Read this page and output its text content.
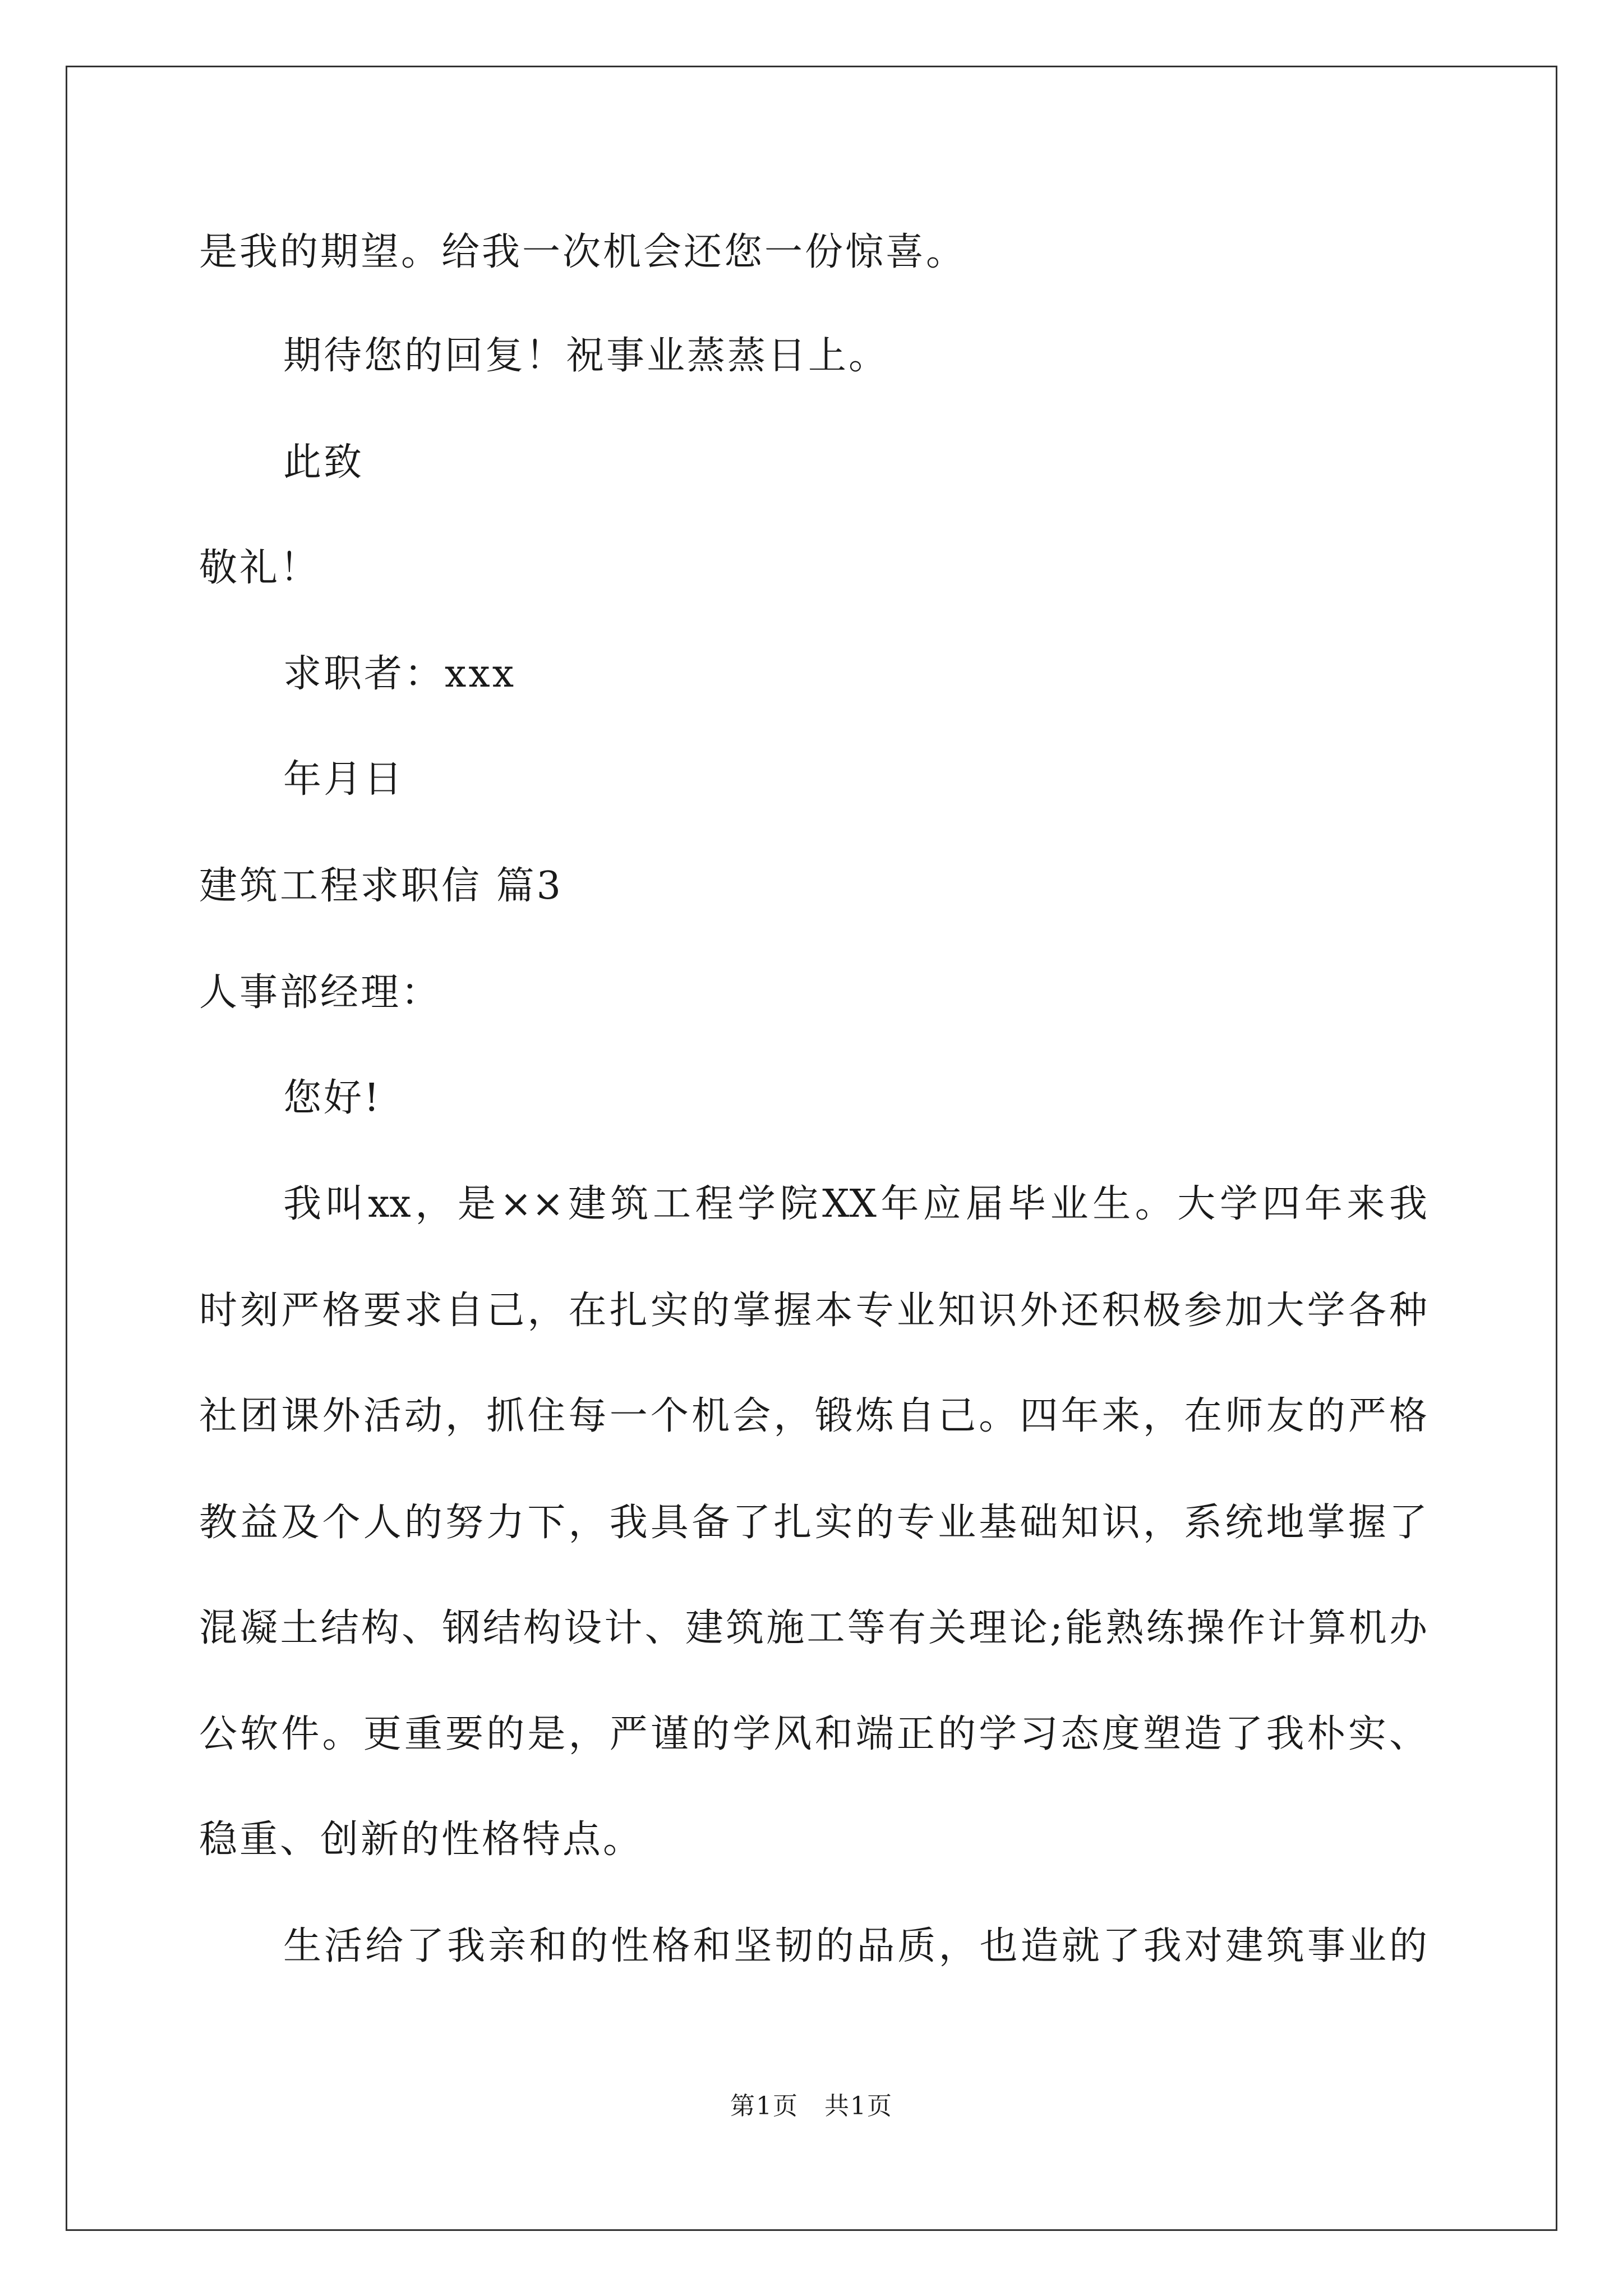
是我的期望。给我一次机会还您一份惊喜。
期待您的回复！祝事业蒸蒸日上。
此致
敬礼！
求职者：xxx
年月日
建筑工程求职信 篇3
人事部经理：
您好!
我叫xx，是××建筑工程学院XX年应届毕业生。大学四年来我
时刻严格要求自己，在扎实的掌握本专业知识外还积极参加大学各种
社团课外活动，抓住每一个机会，锻炼自己。四年来，在师友的严格
教益及个人的努力下，我具备了扎实的专业基础知识，系统地掌握了
混凝土结构、钢结构设计、建筑施工等有关理论;能熟练操作计算机办
公软件。更重要的是，严谨的学风和端正的学习态度塑造了我朴实、
稳重、创新的性格特点。
生活给了我亲和的性格和坚韧的品质，也造就了我对建筑事业的
第1页　共1页
